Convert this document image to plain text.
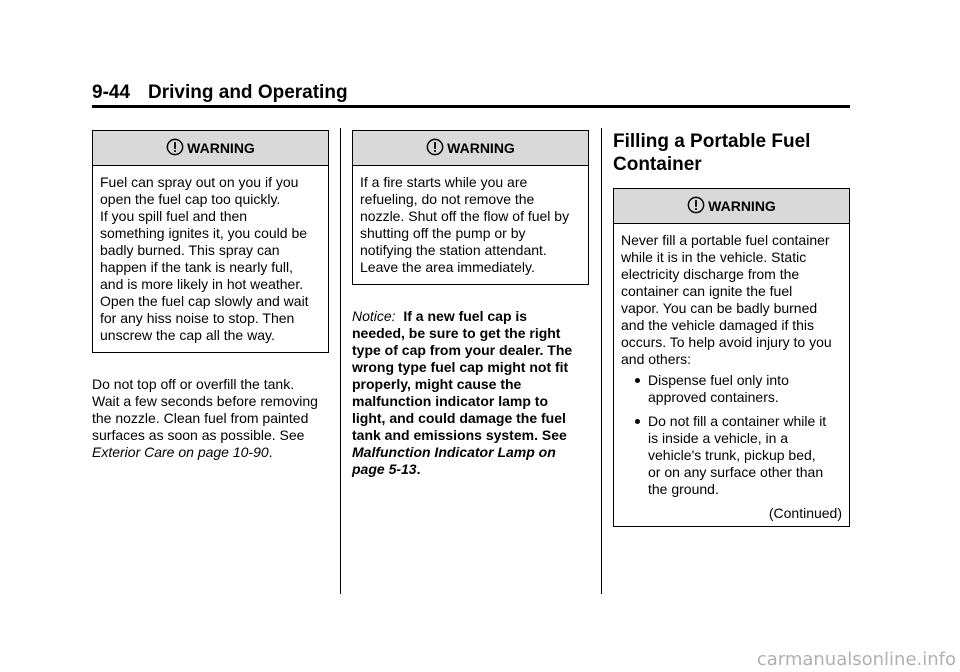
9-44 Driving and Operating
WARNING

Fuel can spray out on you if you

open the fuel cap too quickly.

If you spill fuel and then

something ignites it, you could be

badly burned. This spray can

happen if the tank is nearly full,

and is more likely in hot weather.

Open the fuel cap slowly and wait

for any hiss noise to stop. Then

unscrew the cap all the way.

Do not top off or overfill the tank.

Wait a few seconds before removing

the nozzle. Clean fuel from painted

surfaces as soon as possible. See

Exterior Care on page 10-90.

WARNING

If a fire starts while you are

refueling, do not remove the

nozzle. Shut off the flow of fuel by

shutting off the pump or by

notifying the station attendant.

Leave the area immediately.

Notice: If a new fuel cap is

needed, be sure to get the right

type of cap from your dealer. The

wrong type fuel cap might not fit

properly, might cause the

malfunction indicator lamp to

light, and could damage the fuel

tank and emissions system. See

Malfunction Indicator Lamp on

page 5-13.

Filling a Portable Fuel
Container

WARNING

Never fill a portable fuel container

while it is in the vehicle. Static

electricity discharge from the

container can ignite the fuel

vapor. You can be badly burned

and the vehicle damaged if this

occurs. To help avoid injury to you

and others:

Dispense fuel only into
approved containers.
Do not fill a container while it
is inside a vehicle, in a
vehicle's trunk, pickup bed,
or on any surface other than
the ground.

(Continued)

carmanualsonline.info
